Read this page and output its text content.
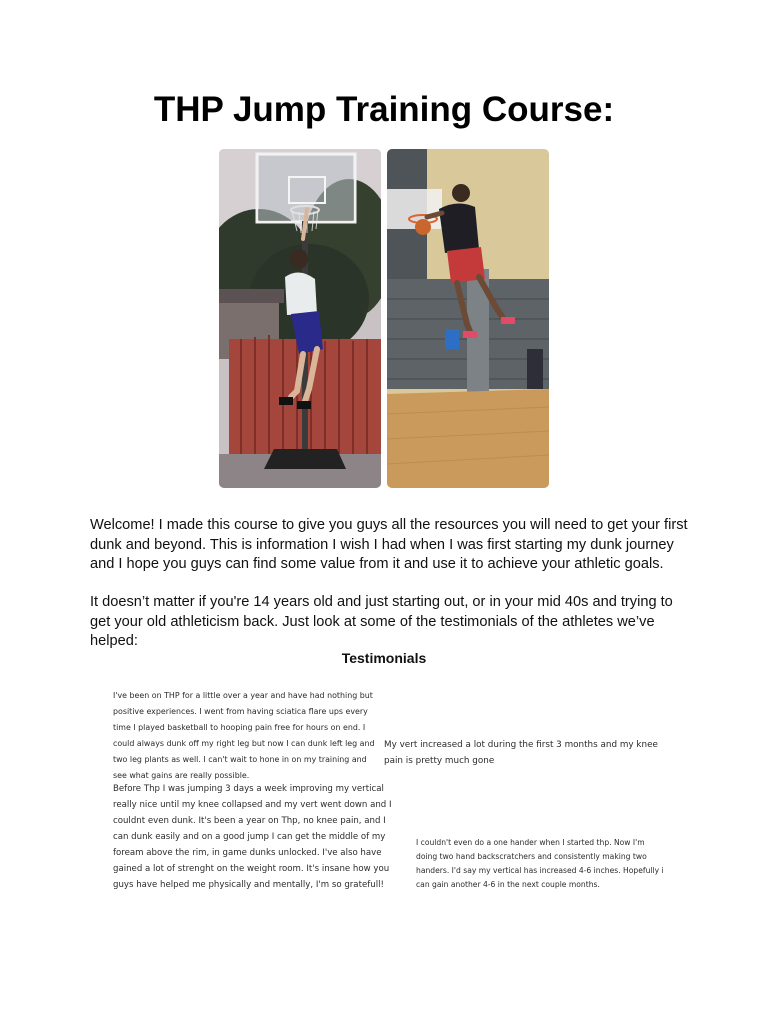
THP Jump Training Course:

Welcome! I made this course to give you guys all the resources you will need to get your first dunk and beyond. This is information I wish I had when I was first starting my dunk journey and I hope you guys can find some value from it and use it to achieve your athletic goals.

It doesn’t matter if you're 14 years old and just starting out, or in your mid 40s and trying to get your old athleticism back. Just look at some of the testimonials of the athletes we’ve helped:

Testimonials

I've been on THP for a little over a year and have had nothing but positive experiences. I went from having sciatica flare ups every time I played basketball to hooping pain free for hours on end. I could always dunk off my right leg but now I can dunk left leg and two leg plants as well. I can't wait to hone in on my training and see what gains are really possible.

My vert increased a lot during the first 3 months and my knee pain is pretty much gone

Before Thp I was jumping 3 days a week improving my vertical really nice until my knee collapsed and my vert went down and I couldnt even dunk. It's been a year on Thp, no knee pain, and I can dunk easily and on a good jump I can get the middle of my foream above the rim, in game dunks unlocked. I've also have gained a lot of strenght on the weight room. It's insane how you guys have helped me physically and mentally, I'm so gratefull!

I couldn't even do a one hander when I started thp. Now I'm doing two hand backscratchers and consistently making two handers. I'd say my vertical has increased 4-6 inches. Hopefully i can gain another 4-6 in the next couple months.
